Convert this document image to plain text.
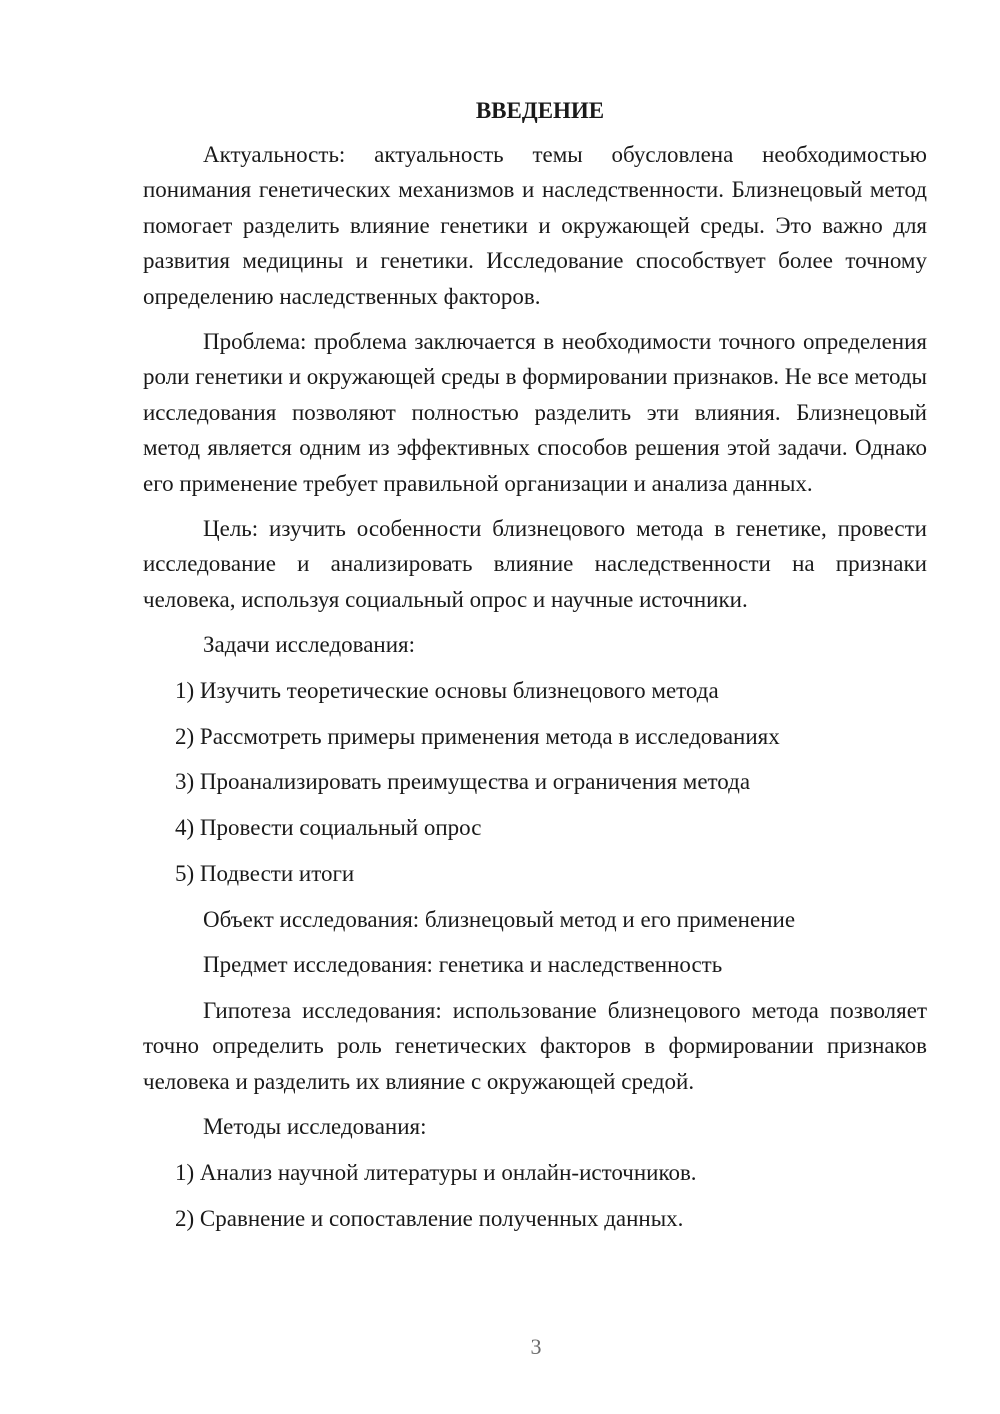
ВВЕДЕНИЕ

Актуальность: актуальность темы обусловлена необходимостью понимания генетических механизмов и наследственности. Близнецовый метод помогает разделить влияние генетики и окружающей среды. Это важно для развития медицины и генетики. Исследование способствует более точному определению наследственных факторов.

Проблема: проблема заключается в необходимости точного определения роли генетики и окружающей среды в формировании признаков. Не все методы исследования позволяют полностью разделить эти влияния. Близнецовый метод является одним из эффективных способов решения этой задачи. Однако его применение требует правильной организации и анализа данных.

Цель: изучить особенности близнецового метода в генетике, провести исследование и анализировать влияние наследственности на признаки человека, используя социальный опрос и научные источники.

Задачи исследования:

1) Изучить теоретические основы близнецового метода

2) Рассмотреть примеры применения метода в исследованиях

3) Проанализировать преимущества и ограничения метода

4) Провести социальный опрос

5) Подвести итоги

Объект исследования: близнецовый метод и его применение

Предмет исследования: генетика и наследственность

Гипотеза исследования: использование близнецового метода позволяет точно определить роль генетических факторов в формировании признаков человека и разделить их влияние с окружающей средой.

Методы исследования:

1) Анализ научной литературы и онлайн-источников.

2) Сравнение и сопоставление полученных данных.

3
